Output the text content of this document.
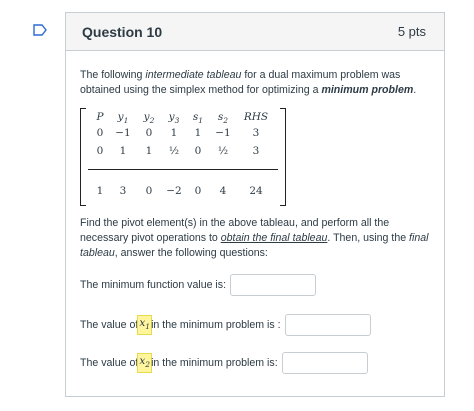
Question 10	5 pts
The following intermediate tableau for a dual maximum problem was obtained using the simplex method for optimizing a minimum problem.
P	$y_1$	$y_2$	$y_3$	$s_1$	$s_2$	RHS
0	−1	0	1	1	−1	3
0	1	1	½	0	½	3
1	3	0	−2	0	4	24
Find the pivot element(s) in the above tableau, and perform all the necessary pivot operations to obtain the final tableau. Then, using the final tableau, answer the following questions:
The minimum function value is:
The value of $x_1$ in the minimum problem is :
The value of $x_2$ in the minimum problem is:
